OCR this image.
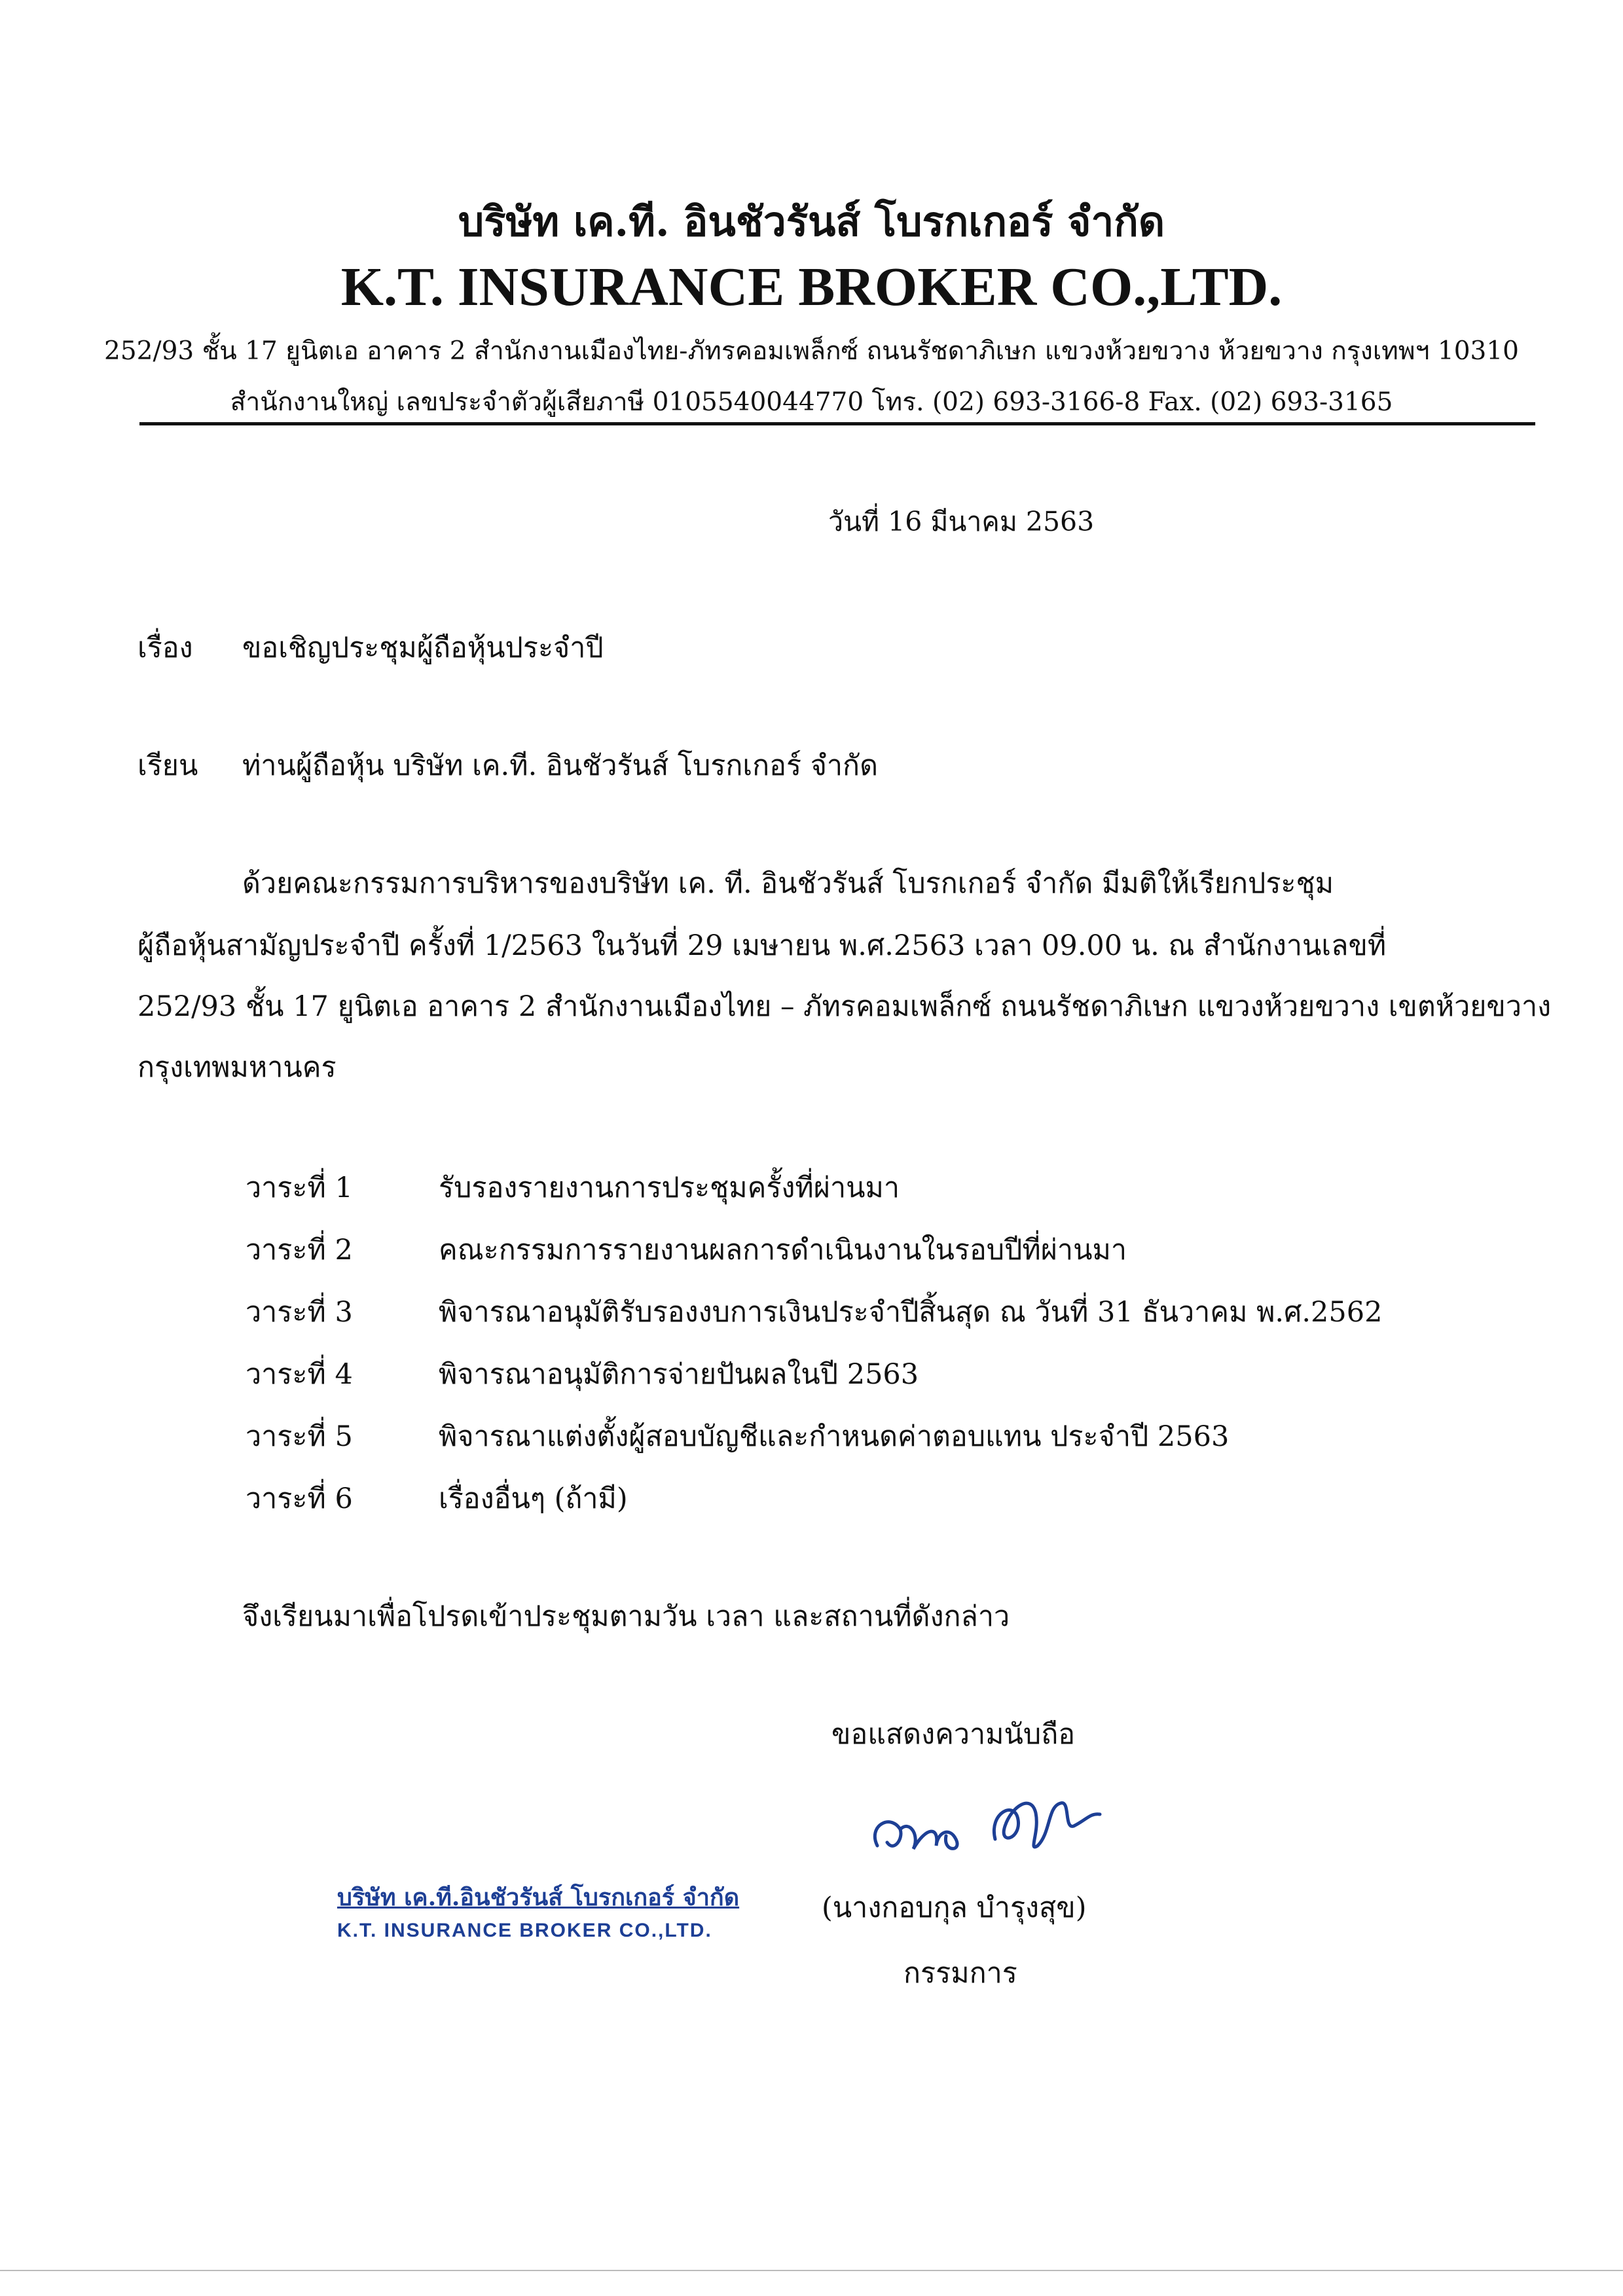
บริษัท เค.ที. อินชัวรันส์ โบรกเกอร์ จำกัด
K.T. INSURANCE BROKER CO.,LTD.
252/93 ชั้น 17 ยูนิตเอ อาคาร 2 สำนักงานเมืองไทย-ภัทรคอมเพล็กซ์ ถนนรัชดาภิเษก แขวงห้วยขวาง ห้วยขวาง กรุงเทพฯ 10310
สำนักงานใหญ่ เลขประจำตัวผู้เสียภาษี 0105540044770 โทร. (02) 693-3166-8 Fax. (02) 693-3165
วันที่ 16 มีนาคม 2563
เรื่อง ขอเชิญประชุมผู้ถือหุ้นประจำปี
เรียน ท่านผู้ถือหุ้น บริษัท เค.ที. อินชัวรันส์ โบรกเกอร์ จำกัด
ด้วยคณะกรรมการบริหารของบริษัท เค. ที. อินชัวรันส์ โบรกเกอร์ จำกัด มีมติให้เรียกประชุม
ผู้ถือหุ้นสามัญประจำปี ครั้งที่ 1/2563 ในวันที่ 29 เมษายน พ.ศ.2563 เวลา 09.00 น. ณ สำนักงานเลขที่
252/93 ชั้น 17 ยูนิตเอ อาคาร 2 สำนักงานเมืองไทย – ภัทรคอมเพล็กซ์ ถนนรัชดาภิเษก แขวงห้วยขวาง เขตห้วยขวาง
กรุงเทพมหานคร
วาระที่ 1	รับรองรายงานการประชุมครั้งที่ผ่านมา
วาระที่ 2	คณะกรรมการรายงานผลการดำเนินงานในรอบปีที่ผ่านมา
วาระที่ 3	พิจารณาอนุมัติรับรองงบการเงินประจำปีสิ้นสุด ณ วันที่ 31 ธันวาคม พ.ศ.2562
วาระที่ 4	พิจารณาอนุมัติการจ่ายปันผลในปี 2563
วาระที่ 5	พิจารณาแต่งตั้งผู้สอบบัญชีและกำหนดค่าตอบแทน ประจำปี 2563
วาระที่ 6	เรื่องอื่นๆ (ถ้ามี)
จึงเรียนมาเพื่อโปรดเข้าประชุมตามวัน เวลา และสถานที่ดังกล่าว
ขอแสดงความนับถือ
(นางกอบกุล บำรุงสุข)
กรรมการ
บริษัท เค.ที.อินชัวรันส์ โบรกเกอร์ จำกัด
K.T. INSURANCE BROKER CO.,LTD.
